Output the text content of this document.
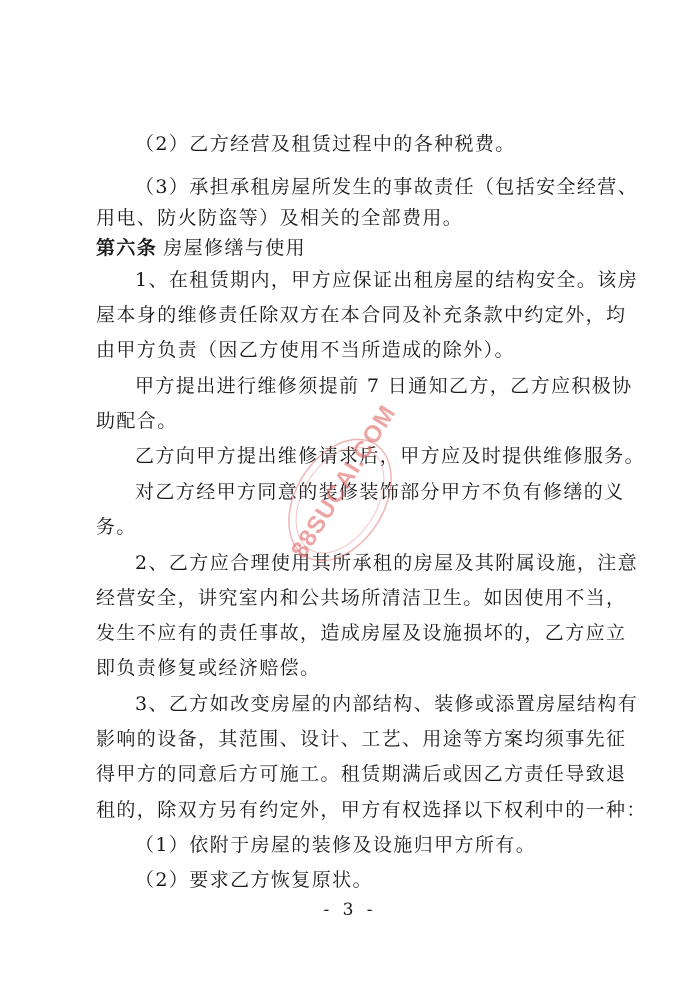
（2）乙方经营及租赁过程中的各种税费。
（3）承担承租房屋所发生的事故责任（包括安全经营、
用电、防火防盗等）及相关的全部费用。
第六条 房屋修缮与使用
1、在租赁期内，甲方应保证出租房屋的结构安全。该房
屋本身的维修责任除双方在本合同及补充条款中约定外，均
由甲方负责（因乙方使用不当所造成的除外）。
甲方提出进行维修须提前 7 日通知乙方，乙方应积极协
助配合。
乙方向甲方提出维修请求后，甲方应及时提供维修服务。
对乙方经甲方同意的装修装饰部分甲方不负有修缮的义
务。
2、乙方应合理使用其所承租的房屋及其附属设施，注意
经营安全，讲究室内和公共场所清洁卫生。如因使用不当，
发生不应有的责任事故，造成房屋及设施损坏的，乙方应立
即负责修复或经济赔偿。
3、乙方如改变房屋的内部结构、装修或添置房屋结构有
影响的设备，其范围、设计、工艺、用途等方案均须事先征
得甲方的同意后方可施工。租赁期满后或因乙方责任导致退
租的，除双方另有约定外，甲方有权选择以下权利中的一种：
（1）依附于房屋的装修及设施归甲方所有。
（2）要求乙方恢复原状。
- 3 -
88SUCAI.COM
